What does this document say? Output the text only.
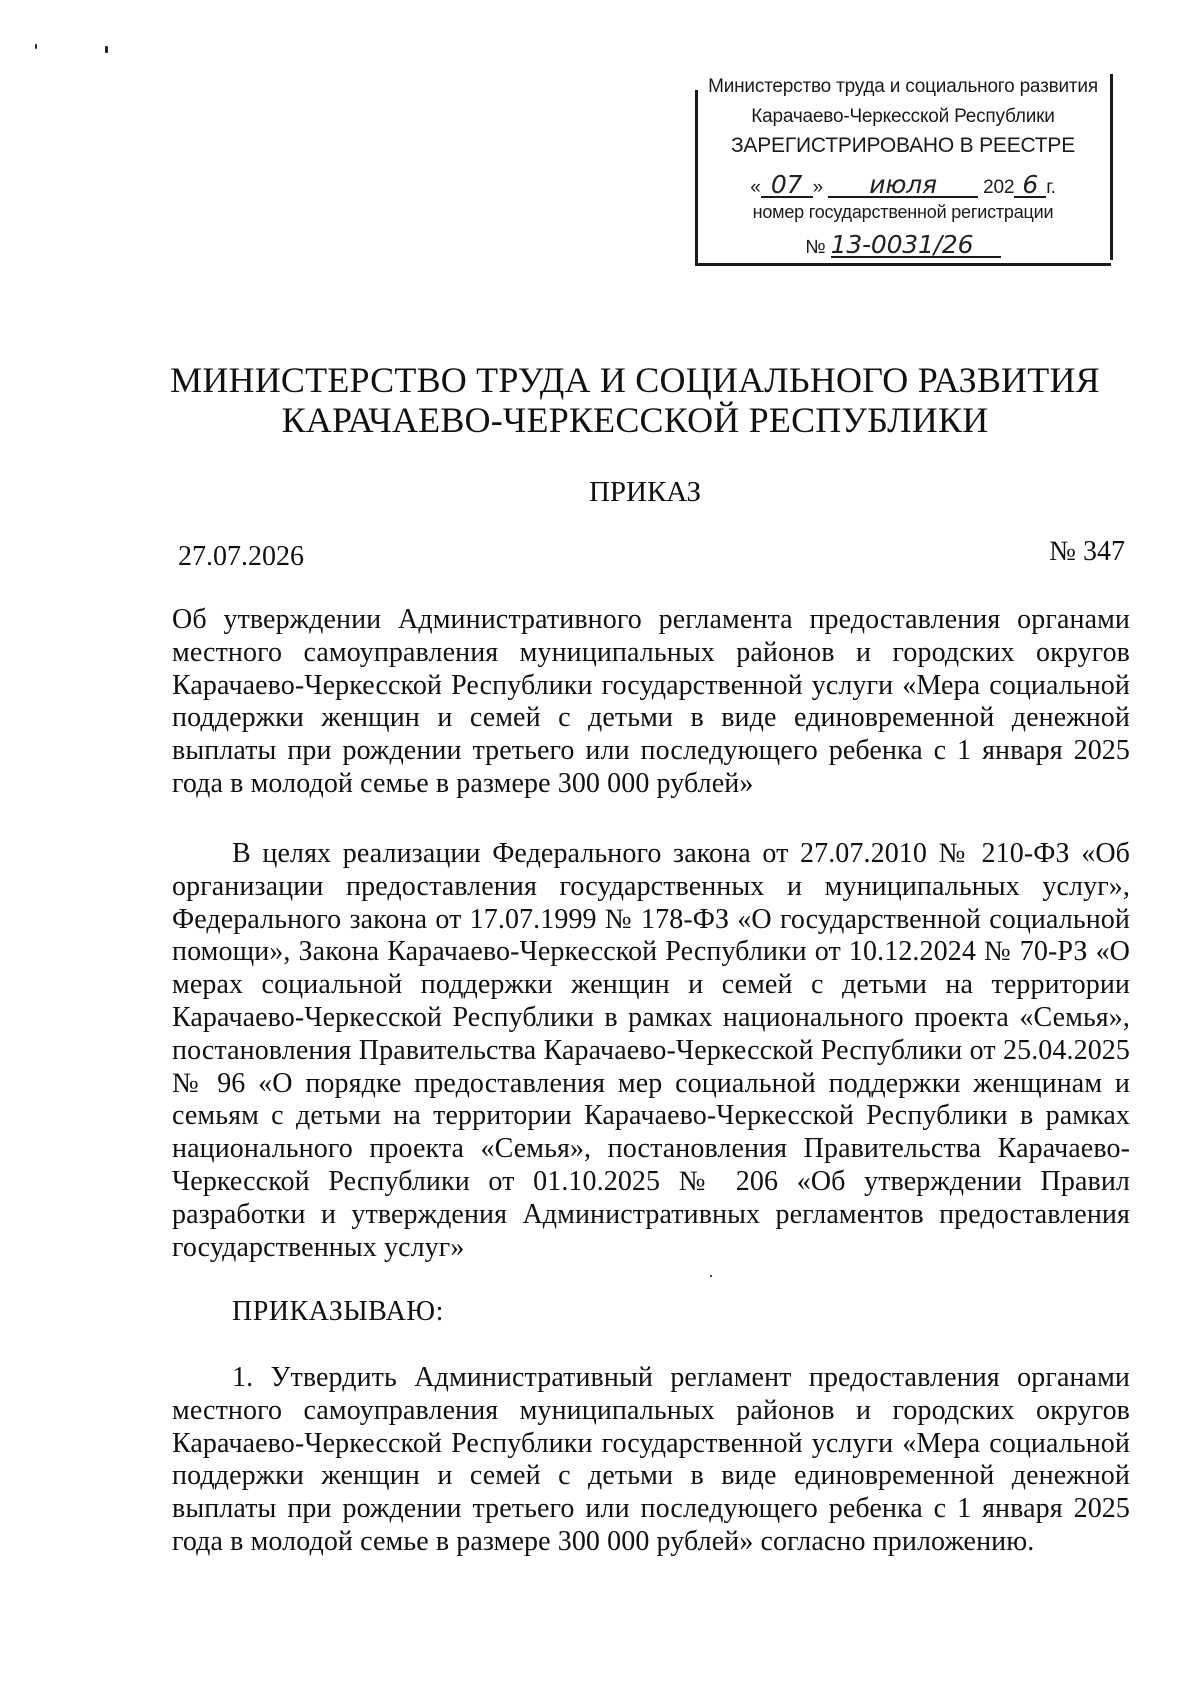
Министерство труда и социального развития
Карачаево-Черкесской Республики
ЗАРЕГИСТРИРОВАНО В РЕЕСТРЕ
« 07 » июля 202 6 г.
номер государственной регистрации
№ 13-0031/26
МИНИСТЕРСТВО ТРУДА И СОЦИАЛЬНОГО РАЗВИТИЯ
КАРАЧАЕВО-ЧЕРКЕССКОЙ РЕСПУБЛИКИ
ПРИКАЗ
27.07.2026	№ 347
Об утверждении Административного регламента предоставления органами местного самоуправления муниципальных районов и городских округов Карачаево-Черкесской Республики государственной услуги «Мера социальной поддержки женщин и семей с детьми в виде единовременной денежной выплаты при рождении третьего или последующего ребенка с 1 января 2025 года в молодой семье в размере 300 000 рублей»
В целях реализации Федерального закона от 27.07.2010 № 210-ФЗ «Об организации предоставления государственных и муниципальных услуг», Федерального закона от 17.07.1999 № 178-ФЗ «О государственной социальной помощи», Закона Карачаево-Черкесской Республики от 10.12.2024 № 70-РЗ «О мерах социальной поддержки женщин и семей с детьми на территории Карачаево-Черкесской Республики в рамках национального проекта «Семья», постановления Правительства Карачаево-Черкесской Республики от 25.04.2025 № 96 «О порядке предоставления мер социальной поддержки женщинам и семьям с детьми на территории Карачаево-Черкесской Республики в рамках национального проекта «Семья», постановления Правительства Карачаево-Черкесской Республики от 01.10.2025 № 206 «Об утверждении Правил разработки и утверждения Административных регламентов предоставления государственных услуг»
ПРИКАЗЫВАЮ:
1. Утвердить Административный регламент предоставления органами местного самоуправления муниципальных районов и городских округов Карачаево-Черкесской Республики государственной услуги «Мера социальной поддержки женщин и семей с детьми в виде единовременной денежной выплаты при рождении третьего или последующего ребенка с 1 января 2025 года в молодой семье в размере 300 000 рублей» согласно приложению.
